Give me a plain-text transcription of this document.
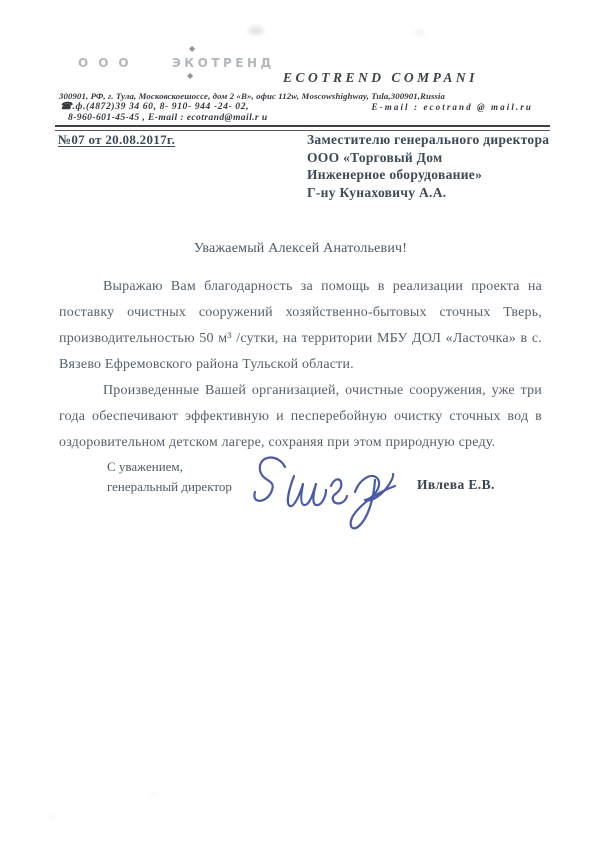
ООО	ЭКОТРЕНД
◆
◆	ECOTREND COMPANI
300901, РФ, г. Тула, Московскоешоссе, дом 2 «В», офис 112w, Moscowshighway, Tula,300901,Russia
☎.ф.(4872)39 34 60, 8- 910- 944 -24- 02,	E-mail : ecotrand @ mail.ru
8-960-601-45-45 , E-mail : ecotrand@mail.r u
№07 от 20.08.2017г.	Заместителю генерального директора
ООО «Торговый Дом
Инженерное оборудование»
Г-ну Кунаховичу А.А.
Уважаемый Алексей Анатольевич!
Выражаю Вам благодарность за помощь в реализации проекта на
поставку очистных сооружений хозяйственно-бытовых сточных Тверь,
производительностью 50 м³ /сутки, на территории МБУ ДОЛ «Ласточка» в с.
Вязево Ефремовского района Тульской области.
Произведенные Вашей организацией, очистные сооружения, уже три
года обеспечивают эффективную и песперебойную очистку сточных вод в
оздоровительном детском лагере, сохраняя при этом природную среду.
С уважением,
генеральный директор	Ивлева Е.В.
